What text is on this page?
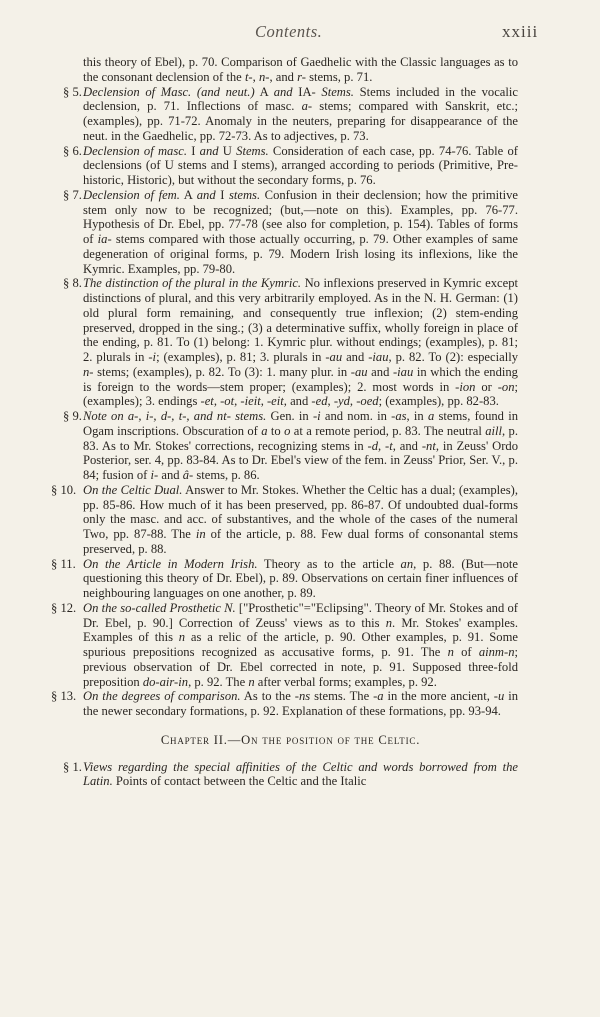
Contents.	xxiii

this theory of Ebel), p. 70. Comparison of Gaedhelic with the Classic languages as to the consonant declension of the t-, n-, and r- stems, p. 71.

§ 5. Declension of Masc. (and neut.) A and IA- Stems. Stems included in the vocalic declension, p. 71. Inflections of masc. a- stems; compared with Sanskrit, etc.; (examples), pp. 71-72. Anomaly in the neuters, preparing for disappearance of the neut. in the Gaedhelic, pp. 72-73. As to adjectives, p. 73.

§ 6. Declension of masc. I and U Stems. Consideration of each case, pp. 74-76. Table of declensions (of U stems and I stems), arranged according to periods (Primitive, Pre-historic, Historic), but without the secondary forms, p. 76.

§ 7. Declension of fem. A and I stems. Confusion in their declension; how the primitive stem only now to be recognized; (but,—note on this). Examples, pp. 76-77. Hypothesis of Dr. Ebel, pp. 77-78 (see also for completion, p. 154). Tables of forms of ia- stems compared with those actually occurring, p. 79. Other examples of same degeneration of original forms, p. 79. Modern Irish losing its inflexions, like the Kymric. Examples, pp. 79-80.

§ 8. The distinction of the plural in the Kymric. No inflexions preserved in Kymric except distinctions of plural, and this very arbitrarily employed. As in the N. H. German: (1) old plural form remaining, and consequently true inflexion; (2) stem-ending preserved, dropped in the sing.; (3) a determinative suffix, wholly foreign in place of the ending, p. 81. To (1) belong: 1. Kymric plur. without endings; (examples), p. 81; 2. plurals in -i; (examples), p. 81; 3. plurals in -au and -iau, p. 82. To (2): especially n- stems; (examples), p. 82. To (3): 1. many plur. in -au and -iau in which the ending is foreign to the words—stem proper; (examples); 2. most words in -ion or -on; (examples); 3. endings -et, -ot, -ieit, -eit, and -ed, -yd, -oed; (examples), pp. 82-83.

§ 9. Note on a-, i-, d-, t-, and nt- stems. Gen. in -i and nom. in -as, in a stems, found in Ogam inscriptions. Obscuration of a to o at a remote period, p. 83. The neutral aill, p. 83. As to Mr. Stokes' corrections, recognizing stems in -d, -t, and -nt, in Zeuss' Ordo Posterior, ser. 4, pp. 83-84. As to Dr. Ebel's view of the fem. in Zeuss' Prior, Ser. V., p. 84; fusion of i- and â- stems, p. 86.

§ 10. On the Celtic Dual. Answer to Mr. Stokes. Whether the Celtic has a dual; (examples), pp. 85-86. How much of it has been preserved, pp. 86-87. Of undoubted dual-forms only the masc. and acc. of substantives, and the whole of the cases of the numeral Two, pp. 87-88. The in of the article, p. 88. Few dual forms of consonantal stems preserved, p. 88.

§ 11. On the Article in Modern Irish. Theory as to the article an, p. 88. (But—note questioning this theory of Dr. Ebel), p. 89. Observations on certain finer influences of neighbouring languages on one another, p. 89.

§ 12. On the so-called Prosthetic N. ["Prosthetic"="Eclipsing". Theory of Mr. Stokes and of Dr. Ebel, p. 90.] Correction of Zeuss' views as to this n. Mr. Stokes' examples. Examples of this n as a relic of the article, p. 90. Other examples, p. 91. Some spurious prepositions recognized as accusative forms, p. 91. The n of ainm-n; previous observation of Dr. Ebel corrected in note, p. 91. Supposed three-fold preposition do-air-in, p. 92. The n after verbal forms; examples, p. 92.

§ 13. On the degrees of comparison. As to the -ns stems. The -a in the more ancient, -u in the newer secondary formations, p. 92. Explanation of these formations, pp. 93-94.

Chapter II.—On the position of the Celtic.

§ 1. Views regarding the special affinities of the Celtic and words borrowed from the Latin. Points of contact between the Celtic and the Italic
